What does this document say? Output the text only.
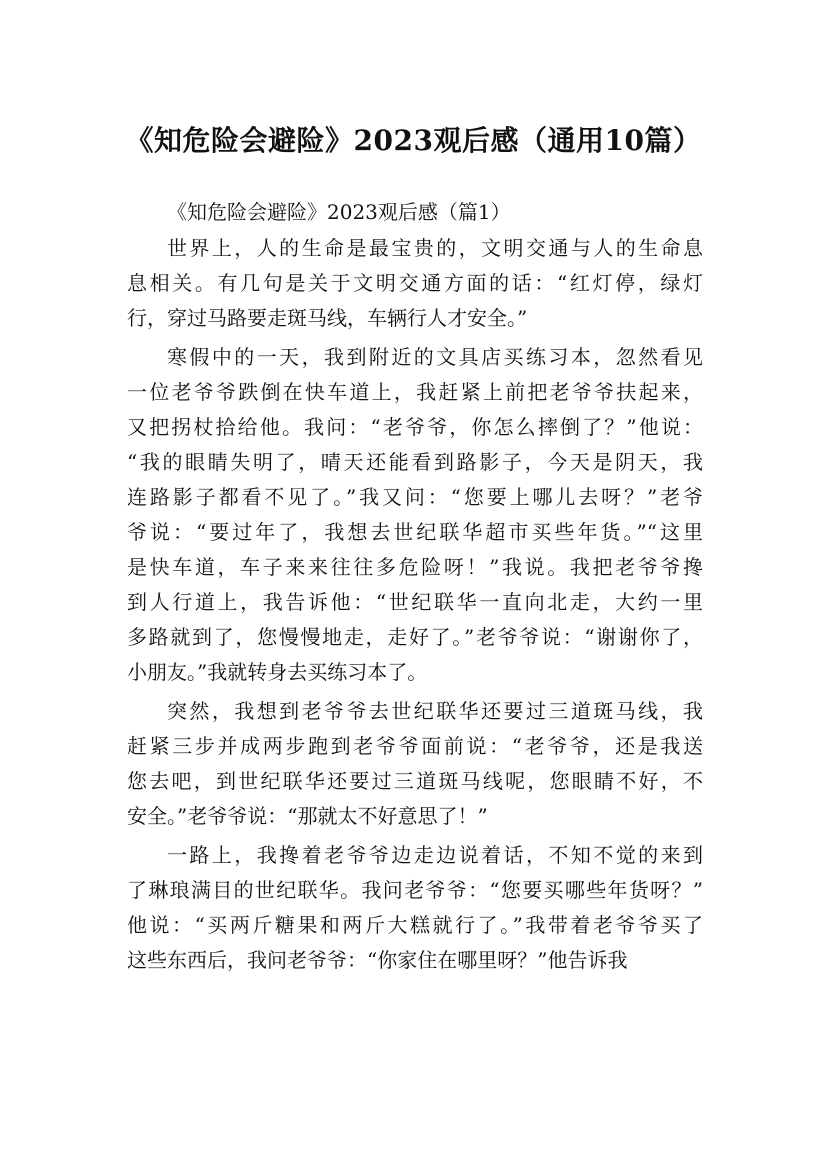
《知危险会避险》2023观后感（通用10篇）
《知危险会避险》2023观后感（篇1）
世界上，人的生命是最宝贵的，文明交通与人的生命息
息相关。有几句是关于文明交通方面的话：“红灯停，绿灯
行，穿过马路要走斑马线，车辆行人才安全。”
寒假中的一天，我到附近的文具店买练习本，忽然看见
一位老爷爷跌倒在快车道上，我赶紧上前把老爷爷扶起来，
又把拐杖拾给他。我问：“老爷爷，你怎么摔倒了？”他说：
“我的眼睛失明了，晴天还能看到路影子，今天是阴天，我
连路影子都看不见了。”我又问：“您要上哪儿去呀？”老爷
爷说：“要过年了，我想去世纪联华超市买些年货。”“这里
是快车道，车子来来往往多危险呀！”我说。我把老爷爷搀
到人行道上，我告诉他：“世纪联华一直向北走，大约一里
多路就到了，您慢慢地走，走好了。”老爷爷说：“谢谢你了，
小朋友。”我就转身去买练习本了。
突然，我想到老爷爷去世纪联华还要过三道斑马线，我
赶紧三步并成两步跑到老爷爷面前说：“老爷爷，还是我送
您去吧，到世纪联华还要过三道斑马线呢，您眼睛不好，不
安全。”老爷爷说：“那就太不好意思了！”
一路上，我搀着老爷爷边走边说着话，不知不觉的来到
了琳琅满目的世纪联华。我问老爷爷：“您要买哪些年货呀？”
他说：“买两斤糖果和两斤大糕就行了。”我带着老爷爷买了
这些东西后，我问老爷爷：“你家住在哪里呀？”他告诉我
